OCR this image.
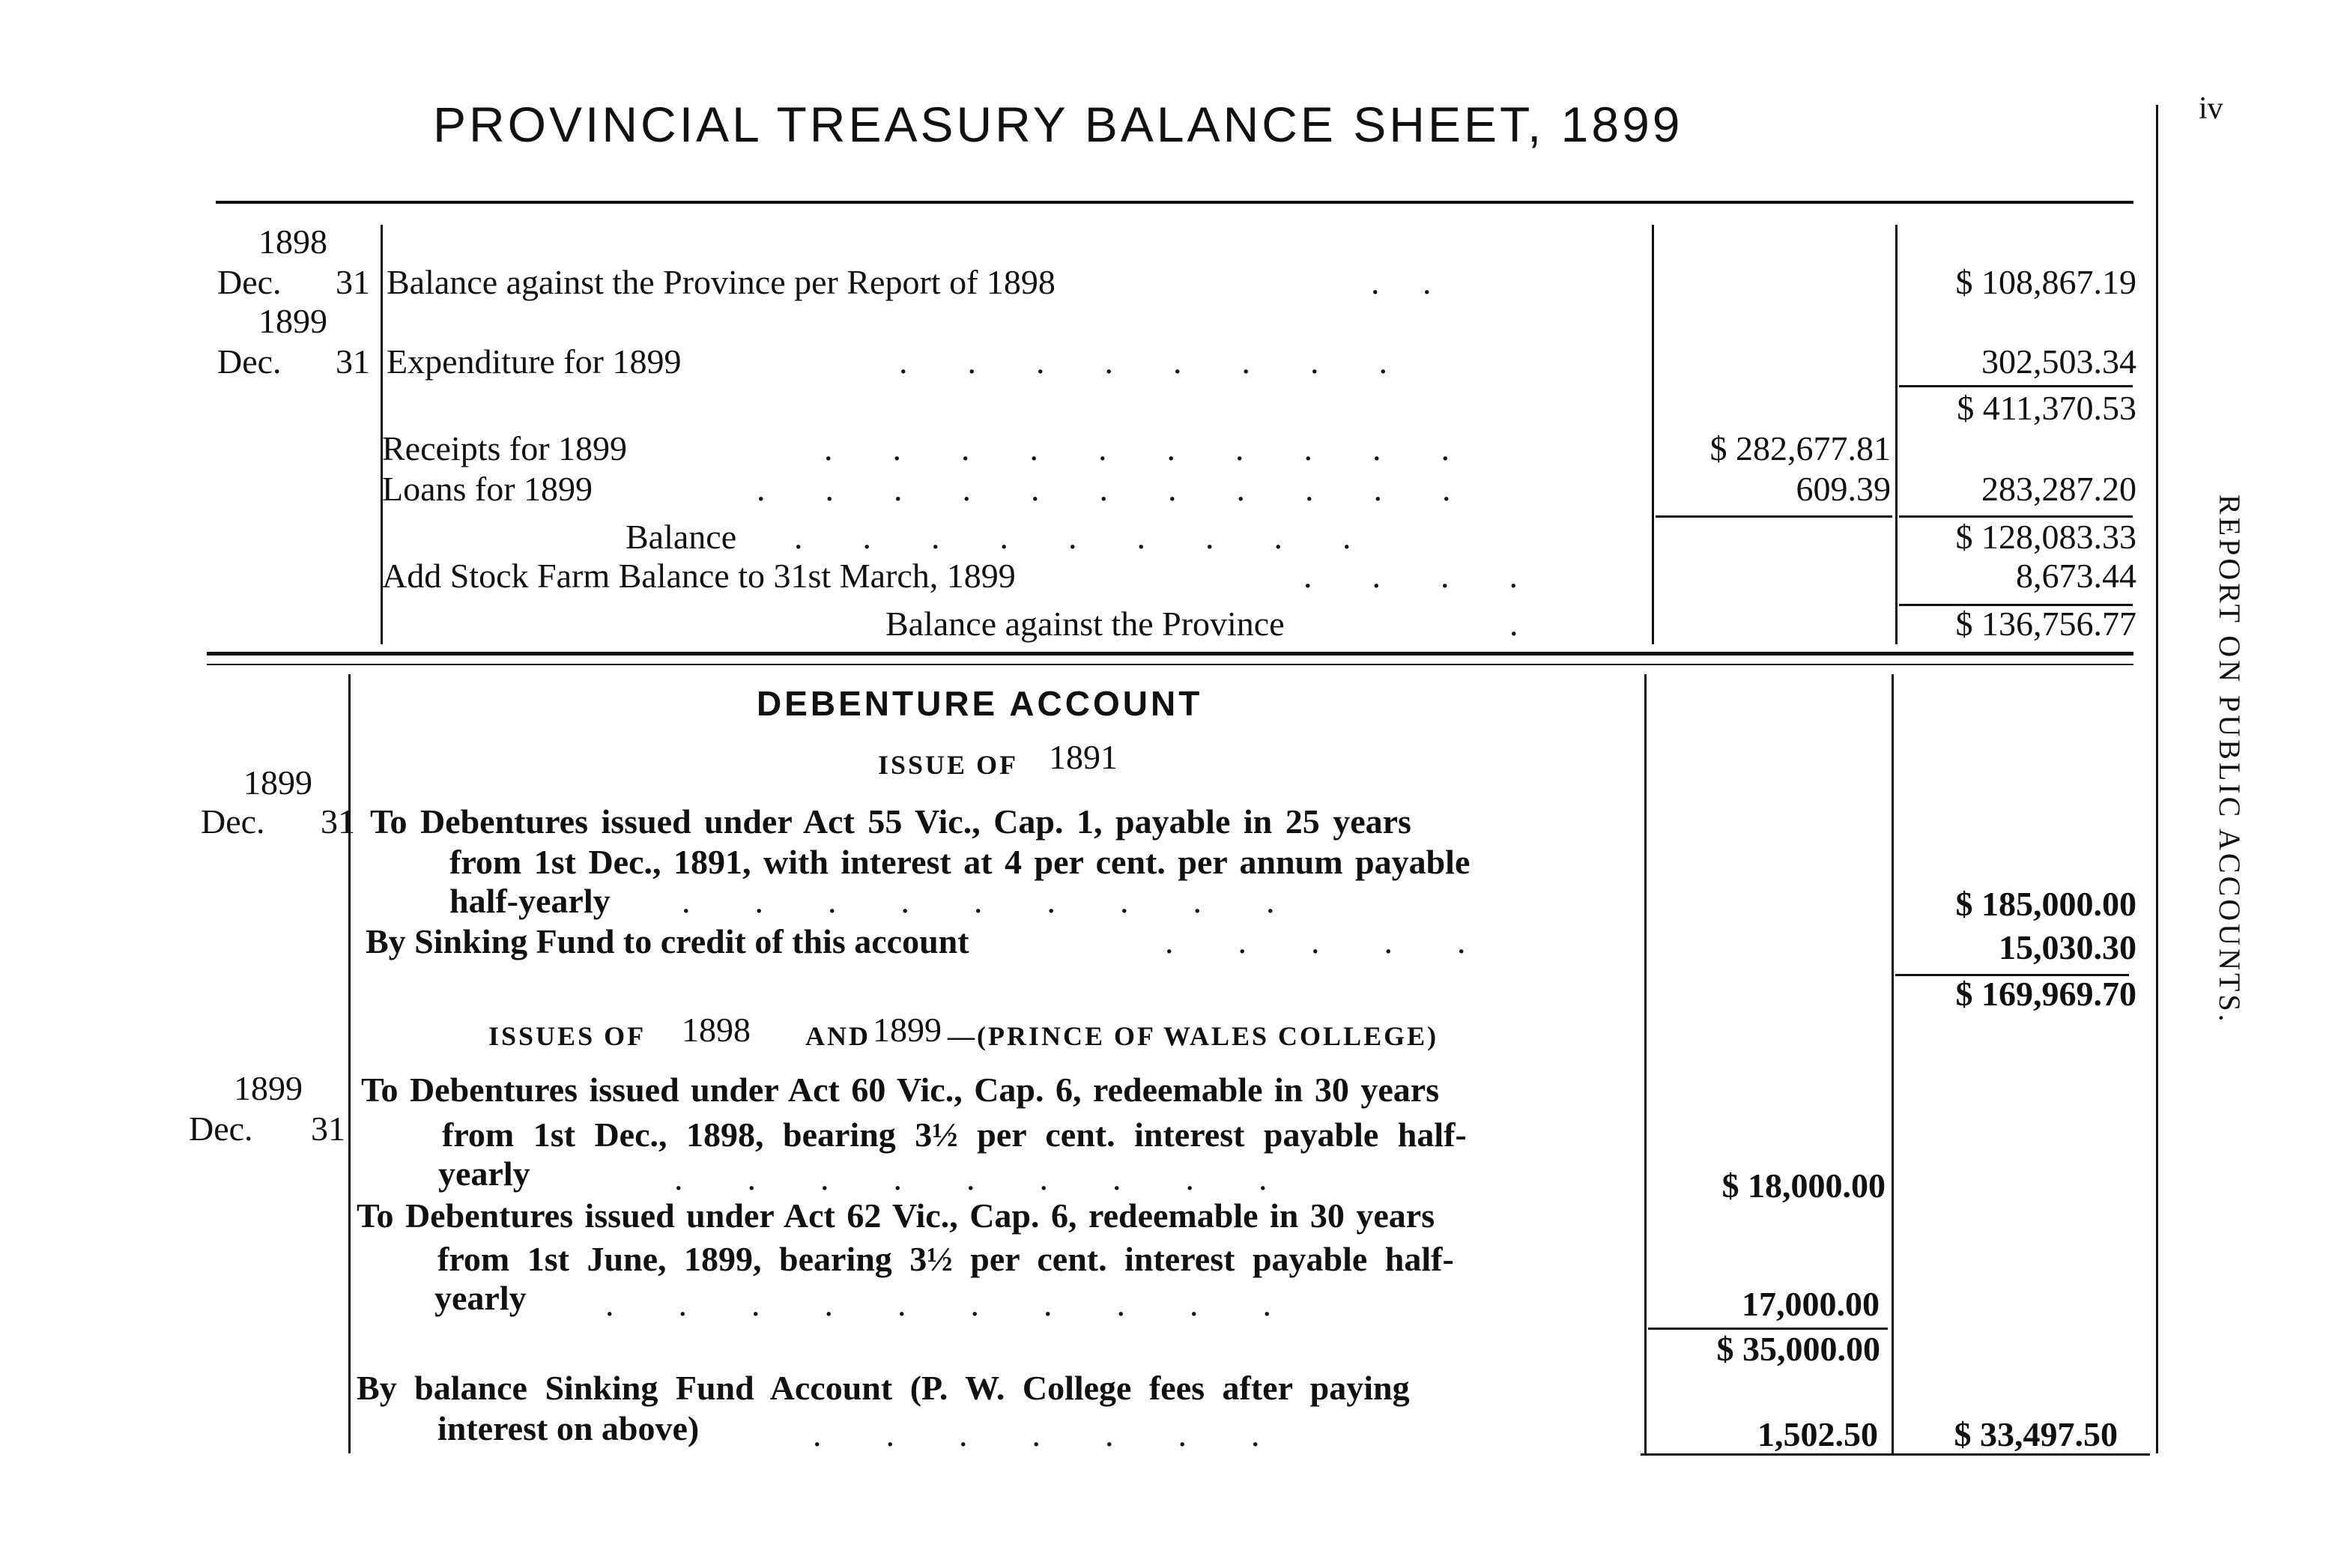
PROVINCIAL TREASURY BALANCE SHEET, 1899	iv
REPORT ON PUBLIC ACCOUNTS.
1898
Dec. 31 Balance against the Province per Report of 1898	.     .	$ 108,867.19
1899
Dec. 31 Expenditure for 1899	........	302,503.34
$ 411,370.53
Receipts for 1899	..........	$ 282,677.81
Loans for 1899	...........	609.39	283,287.20
Balance .........	$ 128,083.33
Add Stock Farm Balance to 31st March, 1899	....	8,673.44
Balance against the Province	.	$ 136,756.77
DEBENTURE ACCOUNT
ISSUE OF 1891
1899
Dec. 31 To Debentures issued under Act 55 Vic., Cap. 1, payable in 25 years
from 1st Dec., 1891, with interest at 4 per cent. per annum payable
half-yearly .........	$ 185,000.00
By Sinking Fund to credit of this account	.....	15,030.30
$ 169,969.70
ISSUES OF 1898 AND 1899 —(PRINCE OF WALES COLLEGE)
1899
Dec. 31
To Debentures issued under Act 60 Vic., Cap. 6, redeemable in 30 years
from 1st Dec., 1898, bearing 3½ per cent. interest payable half-
yearly	.........	$ 18,000.00
To Debentures issued under Act 62 Vic., Cap. 6, redeemable in 30 years
from 1st June, 1899, bearing 3½ per cent. interest payable half-
yearly ..........	17,000.00
$ 35,000.00
By balance Sinking Fund Account (P. W. College fees after paying
interest on above)	.......	1,502.50 $ 33,497.50
